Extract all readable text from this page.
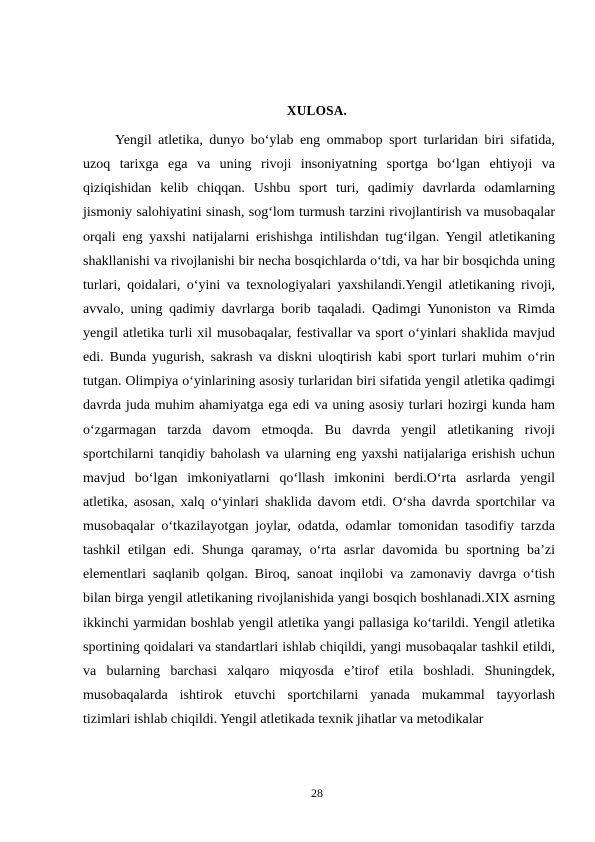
XULOSA.

Yengil atletika, dunyo bo‘ylab eng ommabop sport turlaridan biri sifatida, uzoq tarixga ega va uning rivoji insoniyatning sportga bo‘lgan ehtiyoji va qiziqishidan kelib chiqqan. Ushbu sport turi, qadimiy davrlarda odamlarning jismoniy salohiyatini sinash, sog‘lom turmush tarzini rivojlantirish va musobaqalar orqali eng yaxshi natijalarni erishishga intilishdan tug‘ilgan. Yengil atletikaning shakllanishi va rivojlanishi bir necha bosqichlarda o‘tdi, va har bir bosqichda uning turlari, qoidalari, o‘yini va texnologiyalari yaxshilandi.Yengil atletikaning rivoji, avvalo, uning qadimiy davrlarga borib taqaladi. Qadimgi Yunoniston va Rimda yengil atletika turli xil musobaqalar, festivallar va sport o‘yinlari shaklida mavjud edi. Bunda yugurish, sakrash va diskni uloqtirish kabi sport turlari muhim o‘rin tutgan. Olimpiya o‘yinlarining asosiy turlaridan biri sifatida yengil atletika qadimgi davrda juda muhim ahamiyatga ega edi va uning asosiy turlari hozirgi kunda ham o‘zgarmagan tarzda davom etmoqda. Bu davrda yengil atletikaning rivoji sportchilarni tanqidiy baholash va ularning eng yaxshi natijalariga erishish uchun mavjud bo‘lgan imkoniyatlarni qo‘llash imkonini berdi.O‘rta asrlarda yengil atletika, asosan, xalq o‘yinlari shaklida davom etdi. O‘sha davrda sportchilar va musobaqalar o‘tkazilayotgan joylar, odatda, odamlar tomonidan tasodifiy tarzda tashkil etilgan edi. Shunga qaramay, o‘rta asrlar davomida bu sportning ba’zi elementlari saqlanib qolgan. Biroq, sanoat inqilobi va zamonaviy davrga o‘tish bilan birga yengil atletikaning rivojlanishida yangi bosqich boshlanadi.XIX asrning ikkinchi yarmidan boshlab yengil atletika yangi pallasiga ko‘tarildi. Yengil atletika sportining qoidalari va standartlari ishlab chiqildi, yangi musobaqalar tashkil etildi, va bularning barchasi xalqaro miqyosda e’tirof etila boshladi. Shuningdek, musobaqalarda ishtirok etuvchi sportchilarni yanada mukammal tayyorlash tizimlari ishlab chiqildi. Yengil atletikada texnik jihatlar va metodikalar

28
